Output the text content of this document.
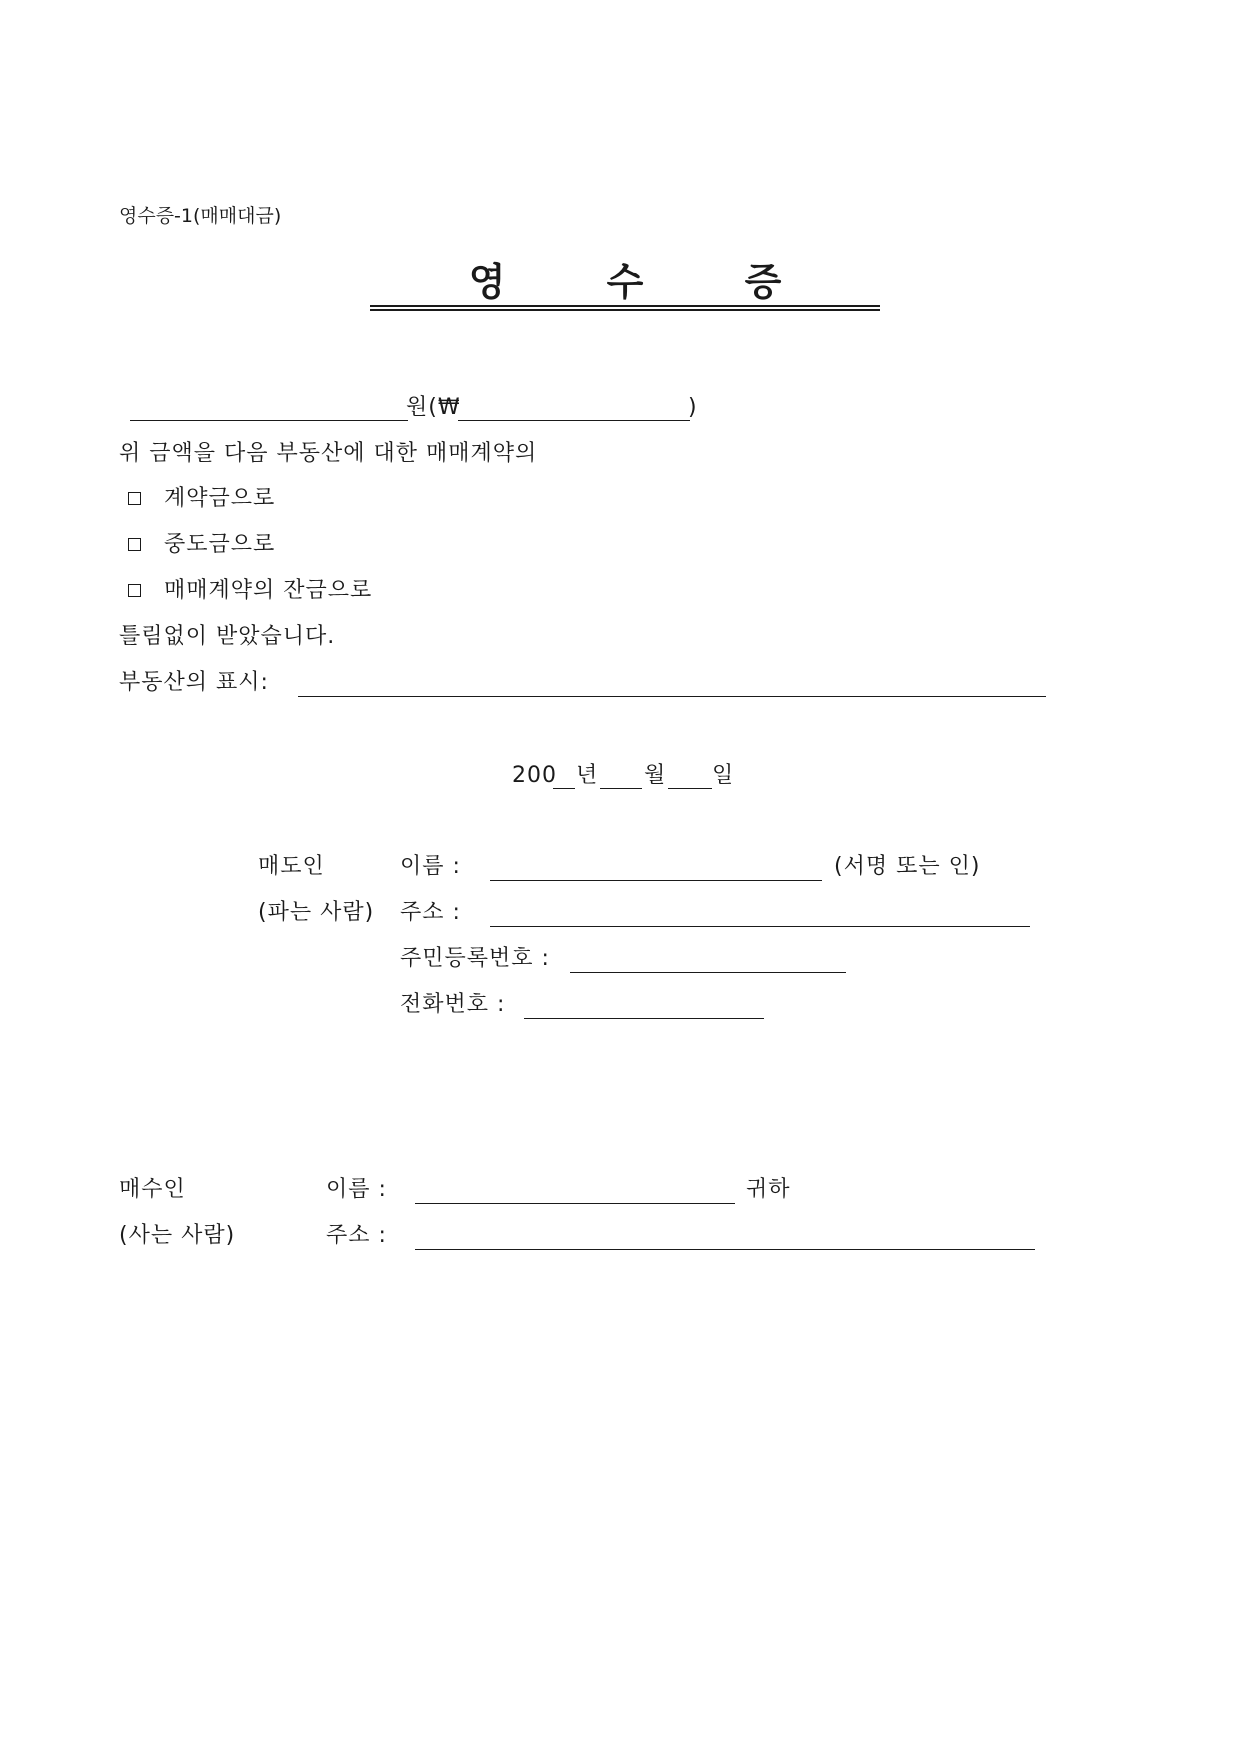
영수증-1(매매대금)
영 수 증
원(₩	)
위 금액을 다음 부동산에 대한 매매계약의
계약금으로
중도금으로
매매계약의 잔금으로
틀림없이 받았습니다.
부동산의 표시:
200 년 월 일
매도인	이름 :	(서명 또는 인)
(파는 사람) 주소 :
주민등록번호 :
전화번호 :
매수인	이름 :	귀하
(사는 사람)	주소 :
